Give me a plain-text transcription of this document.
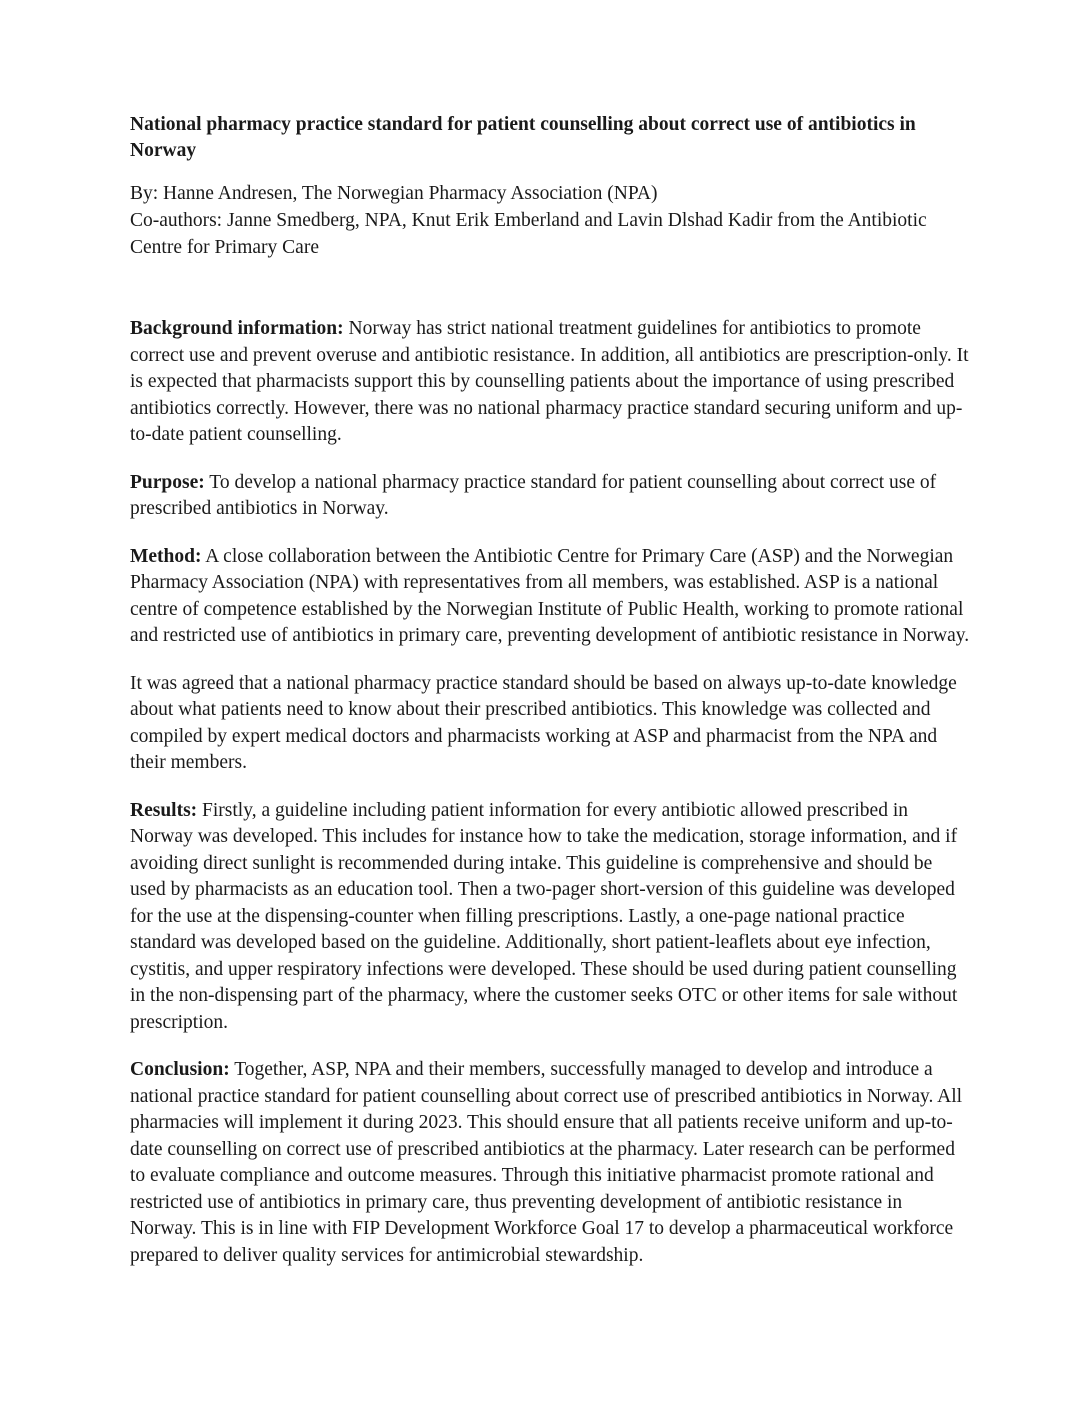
National pharmacy practice standard for patient counselling about correct use of antibiotics in Norway
By: Hanne Andresen, The Norwegian Pharmacy Association (NPA)
Co-authors: Janne Smedberg, NPA, Knut Erik Emberland and Lavin Dlshad Kadir from the Antibiotic Centre for Primary Care

Background information: Norway has strict national treatment guidelines for antibiotics to promote correct use and prevent overuse and antibiotic resistance. In addition, all antibiotics are prescription-only. It is expected that pharmacists support this by counselling patients about the importance of using prescribed antibiotics correctly. However, there was no national pharmacy practice standard securing uniform and up-to-date patient counselling.

Purpose: To develop a national pharmacy practice standard for patient counselling about correct use of prescribed antibiotics in Norway.

Method: A close collaboration between the Antibiotic Centre for Primary Care (ASP) and the Norwegian Pharmacy Association (NPA) with representatives from all members, was established. ASP is a national centre of competence established by the Norwegian Institute of Public Health, working to promote rational and restricted use of antibiotics in primary care, preventing development of antibiotic resistance in Norway.

It was agreed that a national pharmacy practice standard should be based on always up-to-date knowledge about what patients need to know about their prescribed antibiotics. This knowledge was collected and compiled by expert medical doctors and pharmacists working at ASP and pharmacist from the NPA and their members.

Results: Firstly, a guideline including patient information for every antibiotic allowed prescribed in Norway was developed. This includes for instance how to take the medication, storage information, and if avoiding direct sunlight is recommended during intake. This guideline is comprehensive and should be used by pharmacists as an education tool. Then a two-pager short-version of this guideline was developed for the use at the dispensing-counter when filling prescriptions. Lastly, a one-page national practice standard was developed based on the guideline. Additionally, short patient-leaflets about eye infection, cystitis, and upper respiratory infections were developed. These should be used during patient counselling in the non-dispensing part of the pharmacy, where the customer seeks OTC or other items for sale without prescription.

Conclusion: Together, ASP, NPA and their members, successfully managed to develop and introduce a national practice standard for patient counselling about correct use of prescribed antibiotics in Norway. All pharmacies will implement it during 2023. This should ensure that all patients receive uniform and up-to-date counselling on correct use of prescribed antibiotics at the pharmacy. Later research can be performed to evaluate compliance and outcome measures. Through this initiative pharmacist promote rational and restricted use of antibiotics in primary care, thus preventing development of antibiotic resistance in Norway. This is in line with FIP Development Workforce Goal 17 to develop a pharmaceutical workforce prepared to deliver quality services for antimicrobial stewardship.
